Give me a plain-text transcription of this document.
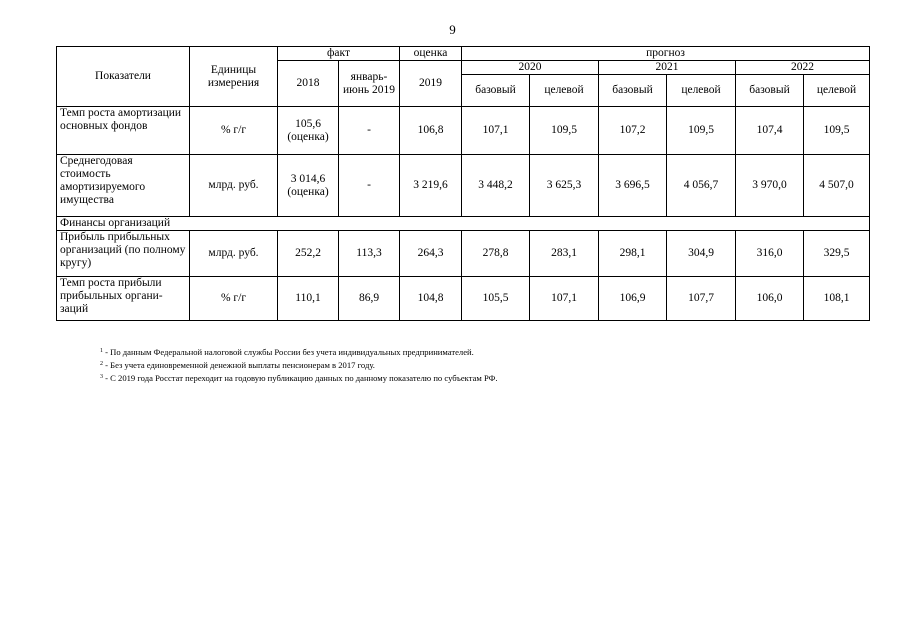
9
Показатели	Единицы измерения	факт		оценка	прогноз					
		2018	январь-июнь 2019	2019	2020		2021		2022	
					базовый	целевой	базовый	целевой	базовый	целевой
Темп роста амортизации основных фондов	% г/г	105,6 (оценка)	-	106,8	107,1	109,5	107,2	109,5	107,4	109,5
Среднегодовая стоимость амортизируемого имущества	млрд. руб.	3 014,6 (оценка)	-	3 219,6	3 448,2	3 625,3	3 696,5	4 056,7	3 970,0	4 507,0
Финансы организаций										
Прибыль прибыльных организаций (по полному кругу)	млрд. руб.	252,2	113,3	264,3	278,8	283,1	298,1	304,9	316,0	329,5
Темп роста прибыли прибыльных органи-заций	% г/г	110,1	86,9	104,8	105,5	107,1	106,9	107,7	106,0	108,1
$^1$ - По данным Федеральной налоговой службы России без учета индивидуальных предпринимателей.
$^2$ - Без учета единовременной денежной выплаты пенсионерам в 2017 году.
$^3$ - С 2019 года Росстат переходит на годовую публикацию данных по данному показателю по субъектам РФ.
